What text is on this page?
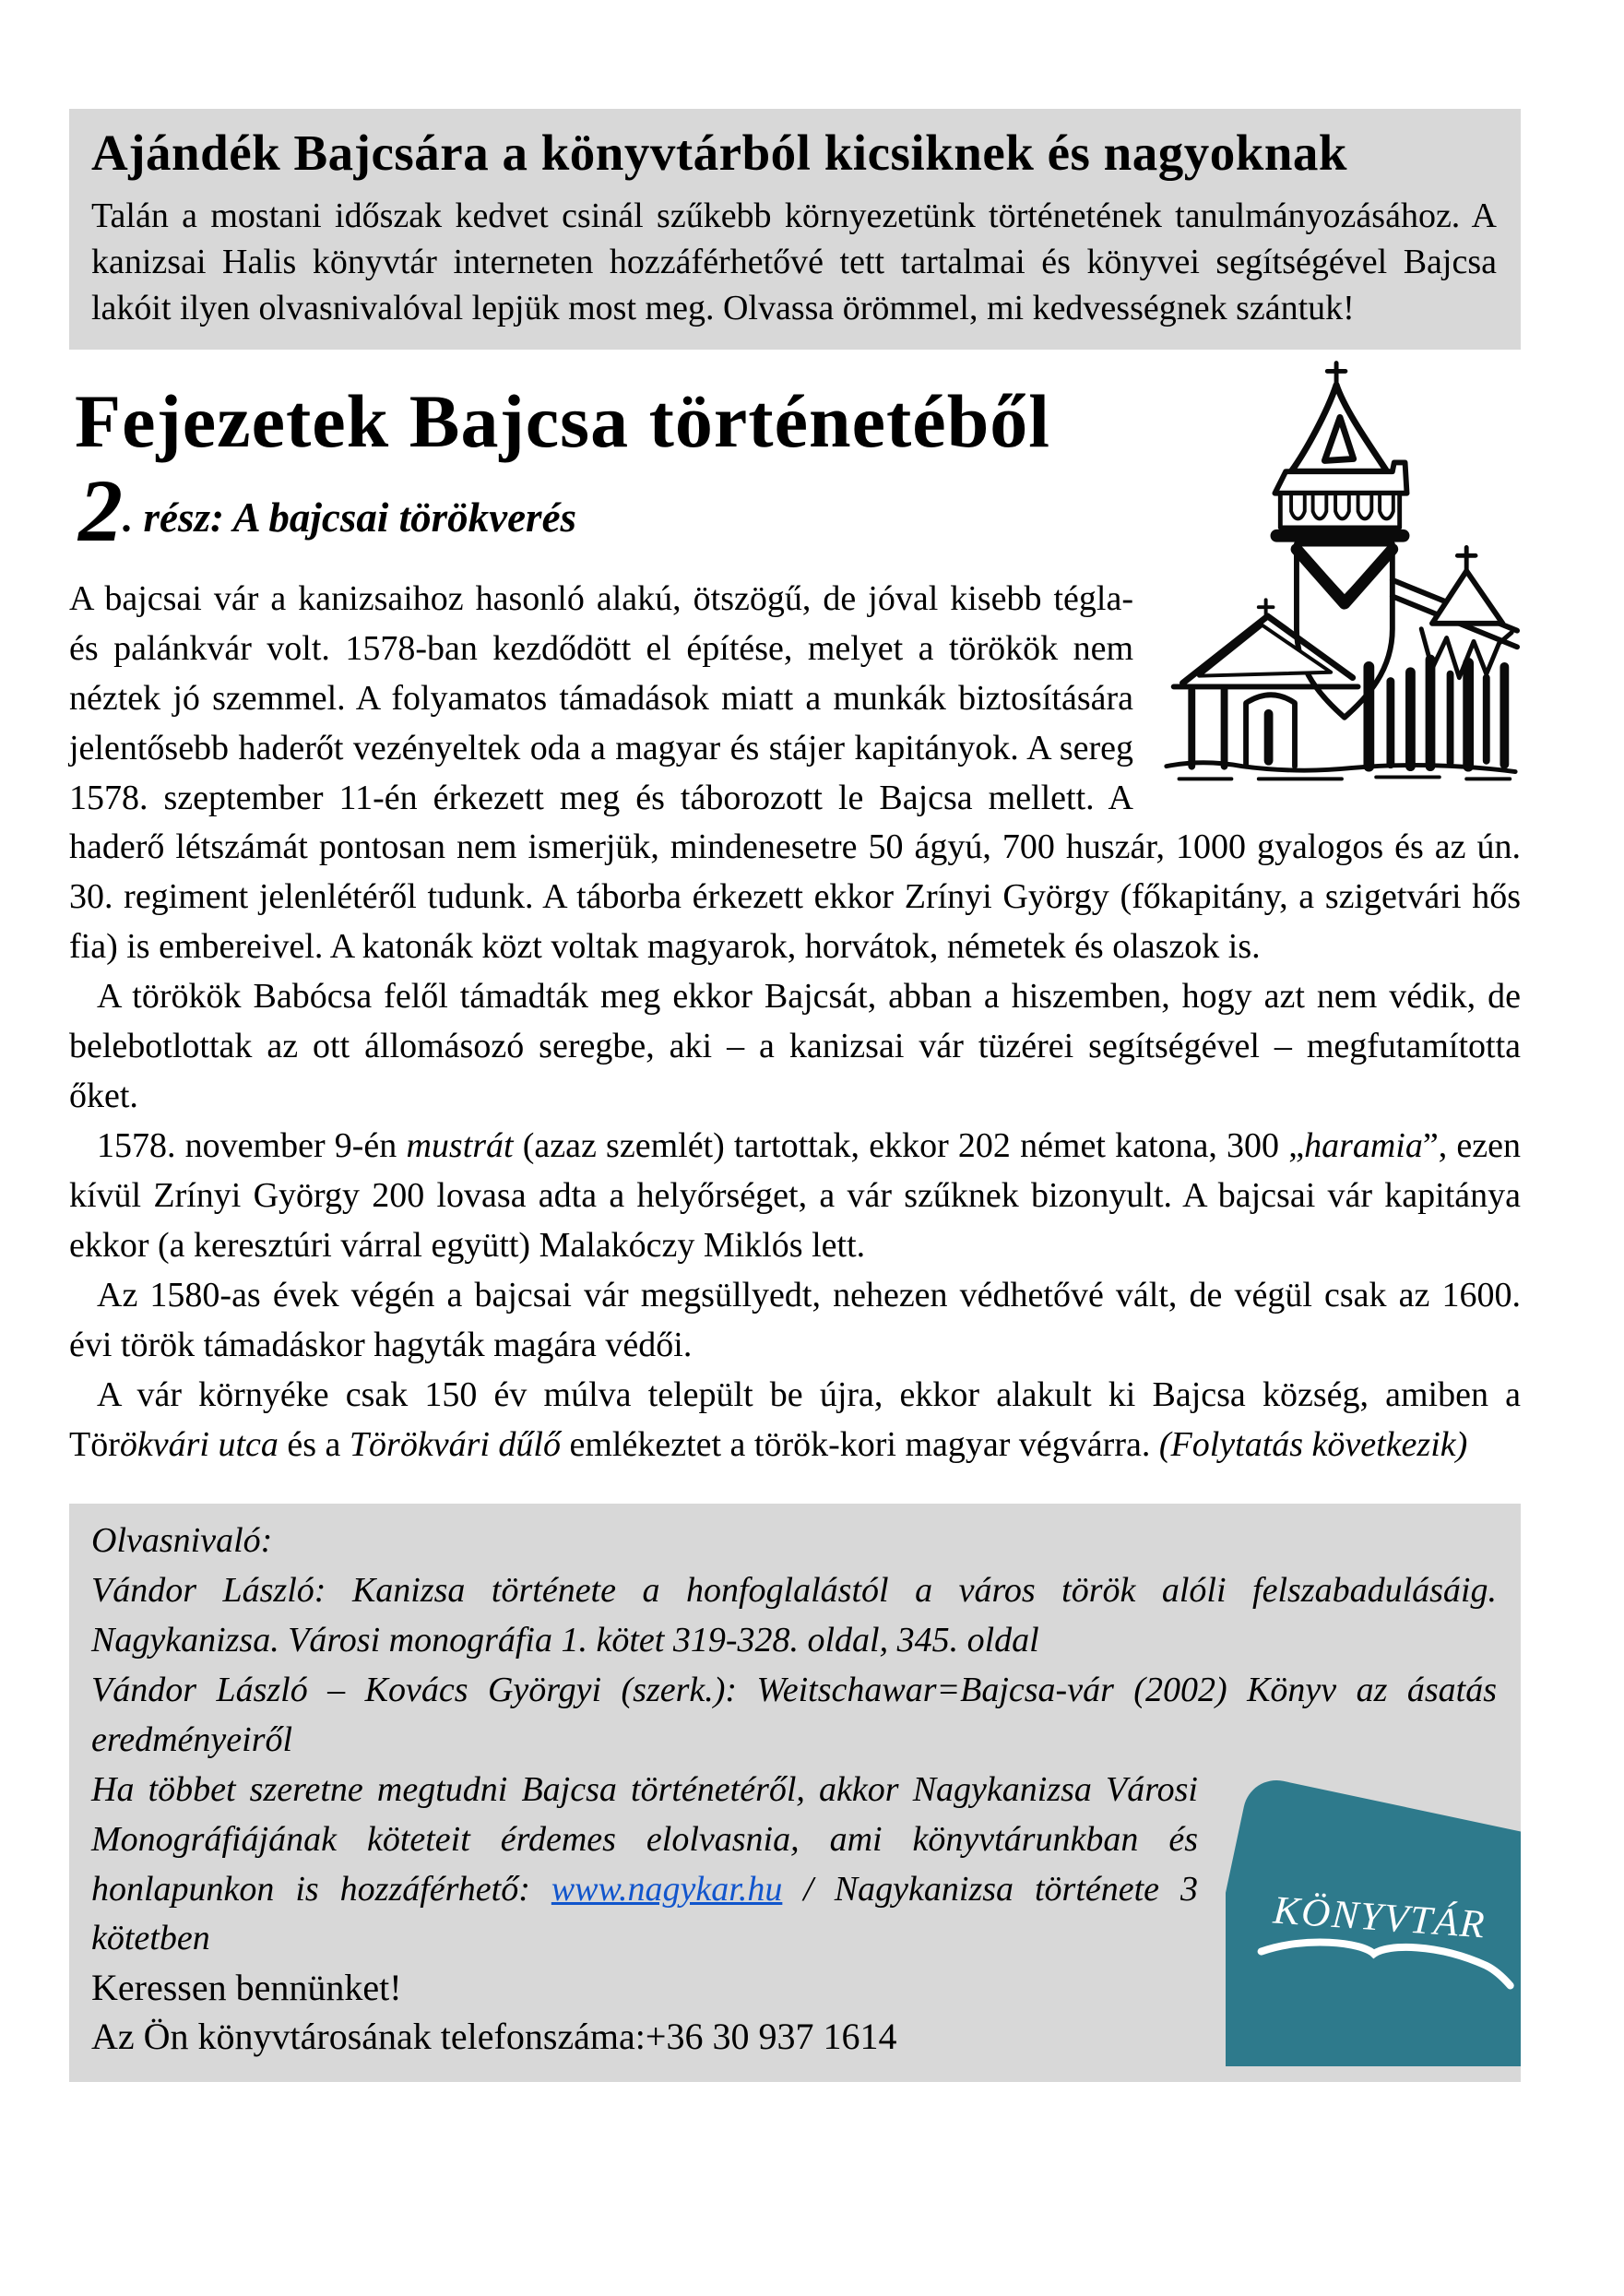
Ajándék Bajcsára a könyvtárból kicsiknek és nagyoknak

Talán a mostani időszak kedvet csinál szűkebb környezetünk történetének tanulmányozásához. A kanizsai Halis könyvtár interneten hozzáférhetővé tett tartalmai és könyvei segítségével Bajcsa lakóit ilyen olvasnivalóval lepjük most meg. Olvassa örömmel, mi kedvességnek szántuk!

Fejezetek Bajcsa történetéből

2. rész: A bajcsai törökverés

A bajcsai vár a kanizsaihoz hasonló alakú, ötszögű, de jóval kisebb tégla- és palánkvár volt. 1578-ban kezdődött el építése, melyet a törökök nem néztek jó szemmel. A folyamatos támadások miatt a munkák biztosítására jelentősebb haderőt vezényeltek oda a magyar és stájer kapitányok. A sereg 1578. szeptember 11-én érkezett meg és táborozott le Bajcsa mellett. A haderő létszámát pontosan nem ismerjük, mindenesetre 50 ágyú, 700 huszár, 1000 gyalogos és az ún. 30. regiment jelenlétéről tudunk. A táborba érkezett ekkor Zrínyi György (főkapitány, a szigetvári hős fia) is embereivel. A katonák közt voltak magyarok, horvátok, németek és olaszok is.

A törökök Babócsa felől támadták meg ekkor Bajcsát, abban a hiszemben, hogy azt nem védik, de belebotlottak az ott állomásozó seregbe, aki – a kanizsai vár tüzérei segítségével – megfutamította őket.

1578. november 9-én mustrát (azaz szemlét) tartottak, ekkor 202 német katona, 300 „haramia”, ezen kívül Zrínyi György 200 lovasa adta a helyőrséget, a vár szűknek bizonyult. A bajcsai vár kapitánya ekkor (a keresztúri várral együtt) Malakóczy Miklós lett.

Az 1580-as évek végén a bajcsai vár megsüllyedt, nehezen védhetővé vált, de végül csak az 1600. évi török támadáskor hagyták magára védői.

A vár környéke csak 150 év múlva települt be újra, ekkor alakult ki Bajcsa község, amiben a Törökvári utca és a Törökvári dűlő emlékeztet a török-kori magyar végvárra. (Folytatás következik)

Olvasnivaló:

Vándor László: Kanizsa története a honfoglalástól a város török alóli felszabadulásáig. Nagykanizsa. Városi monográfia 1. kötet 319-328. oldal, 345. oldal

Vándor László – Kovács Györgyi (szerk.): Weitschawar=Bajcsa-vár (2002) Könyv az ásatás eredményeiről

Ha többet szeretne megtudni Bajcsa történetéről, akkor Nagykanizsa Városi Monográfiájának köteteit érdemes elolvasnia, ami könyvtárunkban és honlapunkon is hozzáférhető: www.nagykar.hu / Nagykanizsa története 3 kötetben

Keressen bennünket!

Az Ön könyvtárosának telefonszáma:+36 30 937 1614

KÖNYVTÁR
